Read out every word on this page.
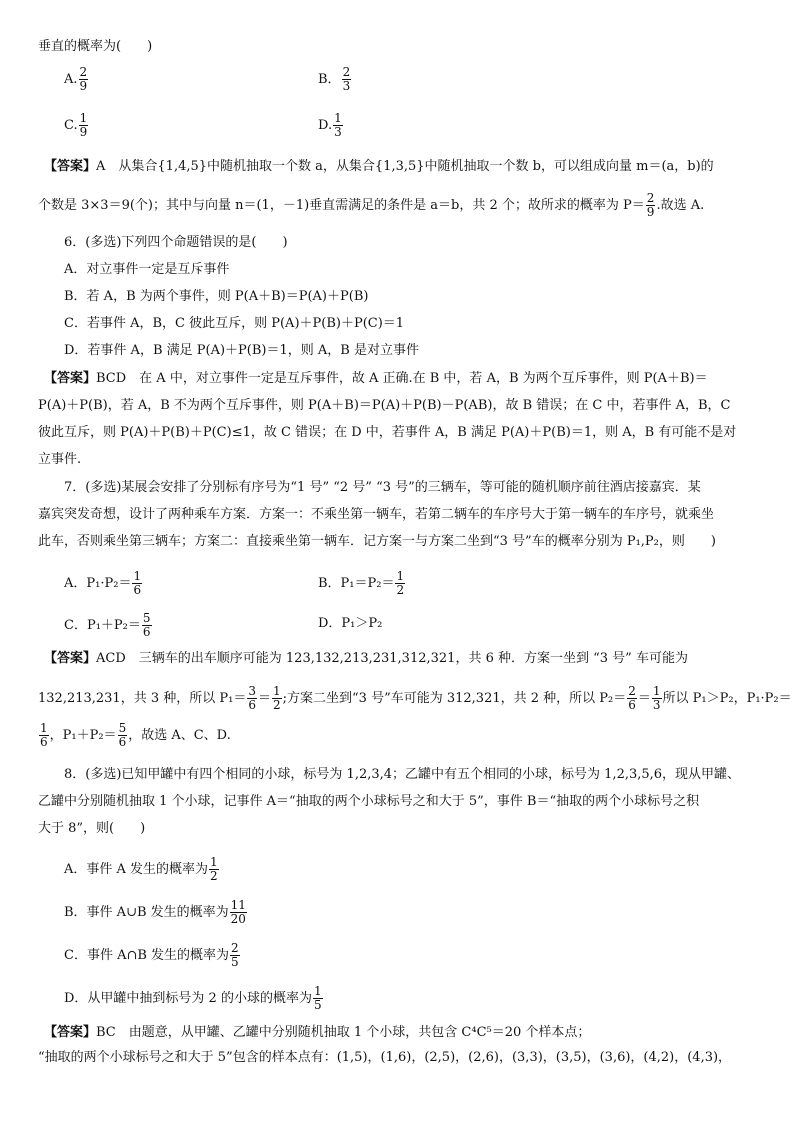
垂直的概率为(　　)
A. $\frac{2}{9}$	B． $\frac{2}{3}$
C. $\frac{1}{9}$	D. $\frac{1}{3}$
【答案】A　从集合{1,4,5}中随机抽取一个数 a，从集合{1,3,5}中随机抽取一个数 b，可以组成向量 m＝(a，b)的
个数是 3×3＝9(个)；其中与向量 n＝(1，－1)垂直需满足的条件是 a＝b，共 2 个；故所求的概率为 $P= \frac{2}{9}$ .故选 A.
6．(多选)下列四个命题错误的是(　　)
A．对立事件一定是互斥事件
B．若 A，B 为两个事件，则 P(A＋B)＝P(A)＋P(B)
C．若事件 A，B，C 彼此互斥，则 P(A)＋P(B)＋P(C)＝1
D．若事件 A，B 满足 P(A)＋P(B)＝1，则 A，B 是对立事件
【答案】BCD　在 A 中，对立事件一定是互斥事件，故 A 正确.在 B 中，若 A，B 为两个互斥事件，则 P(A＋B)＝
P(A)＋P(B)，若 A，B 不为两个互斥事件，则 P(A＋B)＝P(A)＋P(B)－P(AB)，故 B 错误；在 C 中，若事件 A，B，C
彼此互斥，则 P(A)＋P(B)＋P(C)≤1，故 C 错误；在 D 中，若事件 A，B 满足 P(A)＋P(B)＝1，则 A，B 有可能不是对
立事件.
7．(多选)某展会安排了分别标有序号为“1 号” “2 号” “3 号”的三辆车，等可能的随机顺序前往酒店接嘉宾．某
嘉宾突发奇想，设计了两种乘车方案．方案一：不乘坐第一辆车，若第二辆车的车序号大于第一辆车的车序号，就乘坐
此车，否则乘坐第三辆车；方案二：直接乘坐第一辆车．记方案一与方案二坐到“3 号”车的概率分别为 P₁,P₂，则　　)
A．$P_1\cdot P_2= \frac{1}{6}$	B．$P_1=P_2= \frac{1}{2}$
C．$P_1+P_2= \frac{5}{6}$	D．P₁＞P₂
【答案】ACD　三辆车的出车顺序可能为 123,132,213,231,312,321，共 6 种．方案一坐到 “3 号” 车可能为
132,213,231，共 3 种，所以 $P_1= \frac{3}{6} = \frac{1}{2}$ ;方案二坐到“3 号”车可能为 312,321，共 2 种，所以 $P_2= \frac{2}{6} = \frac{1}{3}$ 所以 P₁＞P₂，P₁·P₂＝
$\frac{1}{6}$ ，$P_1+P_2= \frac{5}{6}$ ，故选 A、C、D.
8．(多选)已知甲罐中有四个相同的小球，标号为 1,2,3,4；乙罐中有五个相同的小球，标号为 1,2,3,5,6，现从甲罐、
乙罐中分别随机抽取 1 个小球，记事件 A＝“抽取的两个小球标号之和大于 5”，事件 B＝“抽取的两个小球标号之积
大于 8”，则(　　)
A．事件 A 发生的概率为 $\frac{1}{2}$
B．事件 A∪B 发生的概率为 $\frac{11}{20}$
C．事件 A∩B 发生的概率为 $\frac{2}{5}$
D．从甲罐中抽到标号为 2 的小球的概率为 $\frac{1}{5}$
【答案】BC　由题意，从甲罐、乙罐中分别随机抽取 1 个小球，共包含 C⁴C⁵＝20 个样本点；
“抽取的两个小球标号之和大于 5”包含的样本点有：(1,5)，(1,6)，(2,5)，(2,6)，(3,3)，(3,5)，(3,6)，(4,2)，(4,3)，
